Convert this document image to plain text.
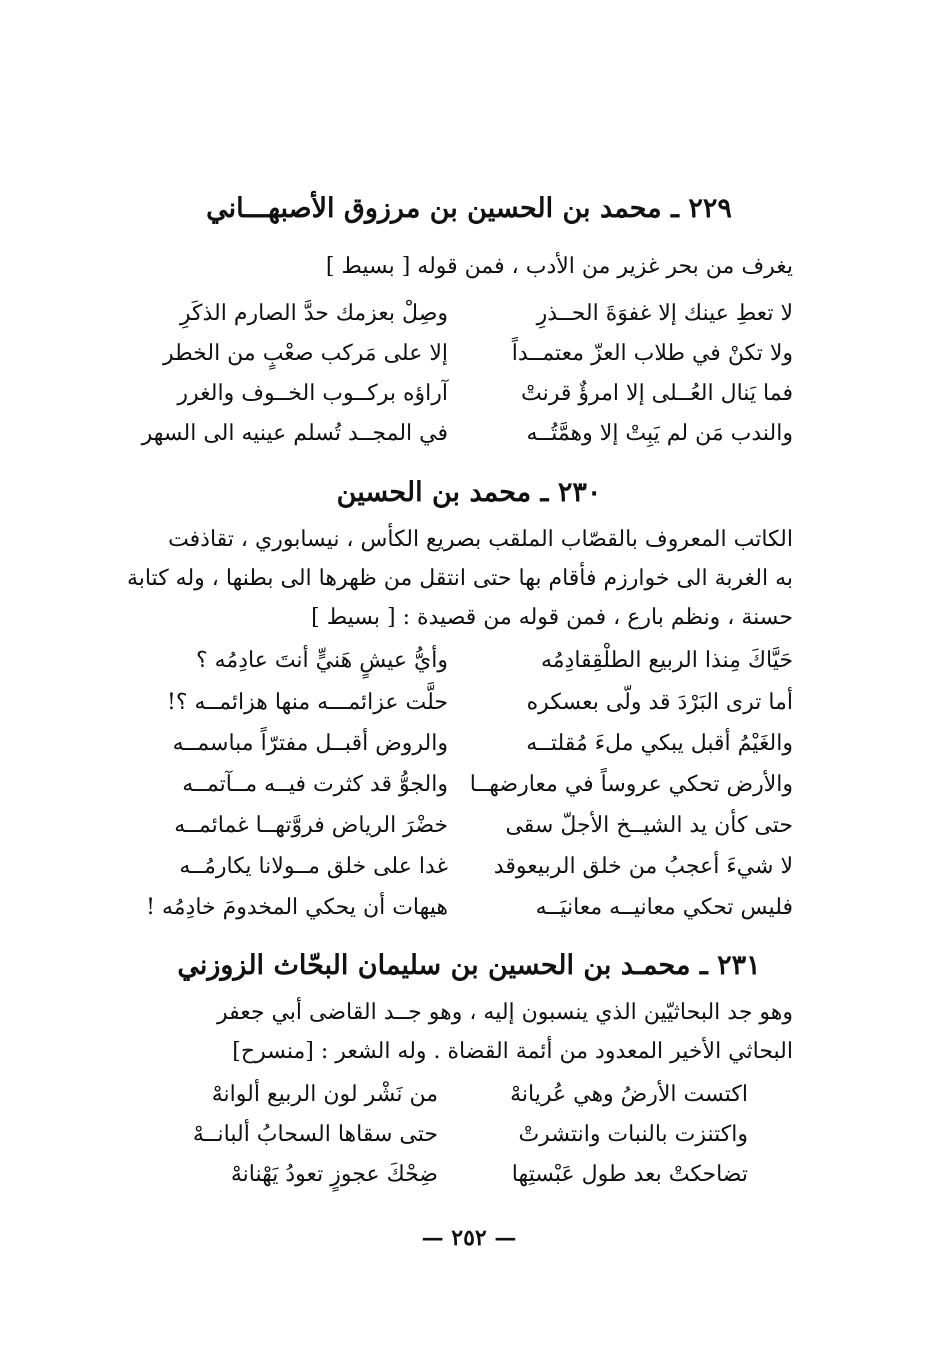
٢٢٩ ـ محمد بن الحسين بن مرزوق الأصبهـــاني
يغرف من بحر غزير من الأدب ، فمن قوله [ بسيط ]
لا تعطِ عينك إلا غفوَةَ الحــذرِ
وصِلْ بعزمك حدَّ الصارم الذكَرِ
ولا تكنْ في طلاب العزّ معتمــداً
إلا على مَركب صعْبٍ من الخطر
فما يَنال العُــلى إلا امرؤٌ قرنتْ
آراؤه بركــوب الخــوف والغرر
والندب مَن لم يَبِتْ إلا وهمَّتُــه
في المجــد تُسلم عينيه الى السهر
٢٣٠ ـ محمد بن الحسين
الكاتب المعروف بالقصّاب الملقب بصريع الكأس ، نيسابوري ، تقاذفت
به الغربة الى خوارزم فأقام بها حتى انتقل من ظهرها الى بطنها ، وله كتابة
حسنة ، ونظم بارع ، فمن قوله من قصيدة : [ بسيط ]
حَيَّاكَ مِنذا الربيع الطلْقِقادِمُه
وأيُّ عيشٍ هَنيٍّ أنتَ عادِمُه ؟
أما ترى البَرْدَ قد ولّى بعسكره
حلَّت عزائمـــه منها هزائمــه ؟!
والغَيْمُ أقبل يبكي ملءَ مُقلتــه
والروض أقبــل مفترّاً مباسمــه
والأرض تحكي عروساً في معارضهــا
والجوُّ قد كثرت فيــه مــآتمــه
حتى كأن يد الشيــخ الأجلّ سقى
خضْرَ الرياض فروَّتهــا غمائمــه
لا شيءَ أعجبُ من خلق الربيعوقد
غدا على خلق مــولانا يكارمُــه
فليس تحكي معانيــه معانيَــه
هيهات أن يحكي المخدومَ خادِمُه !
٢٣١ ـ محمـد بن الحسين بن سليمان البحّاث الزوزني
وهو جد البحاثيّين الذي ينسبون إليه ، وهو جــد القاضى أبي جعفر
البحاثي الأخير المعدود من أئمة القضاة . وله الشعر : [منسرح]
اكتست الأرضُ وهي عُريانهْ
من نَشْر لون الربيع ألوانهْ
واكتنزت بالنبات وانتشرتْ
حتى سقاها السحابُ ألبانــهْ
تضاحكتْ بعد طول عَبْستِها
ضِحْكَ عجوزٍ تعودُ يَهْنانهْ
— ٢٥٢ —
